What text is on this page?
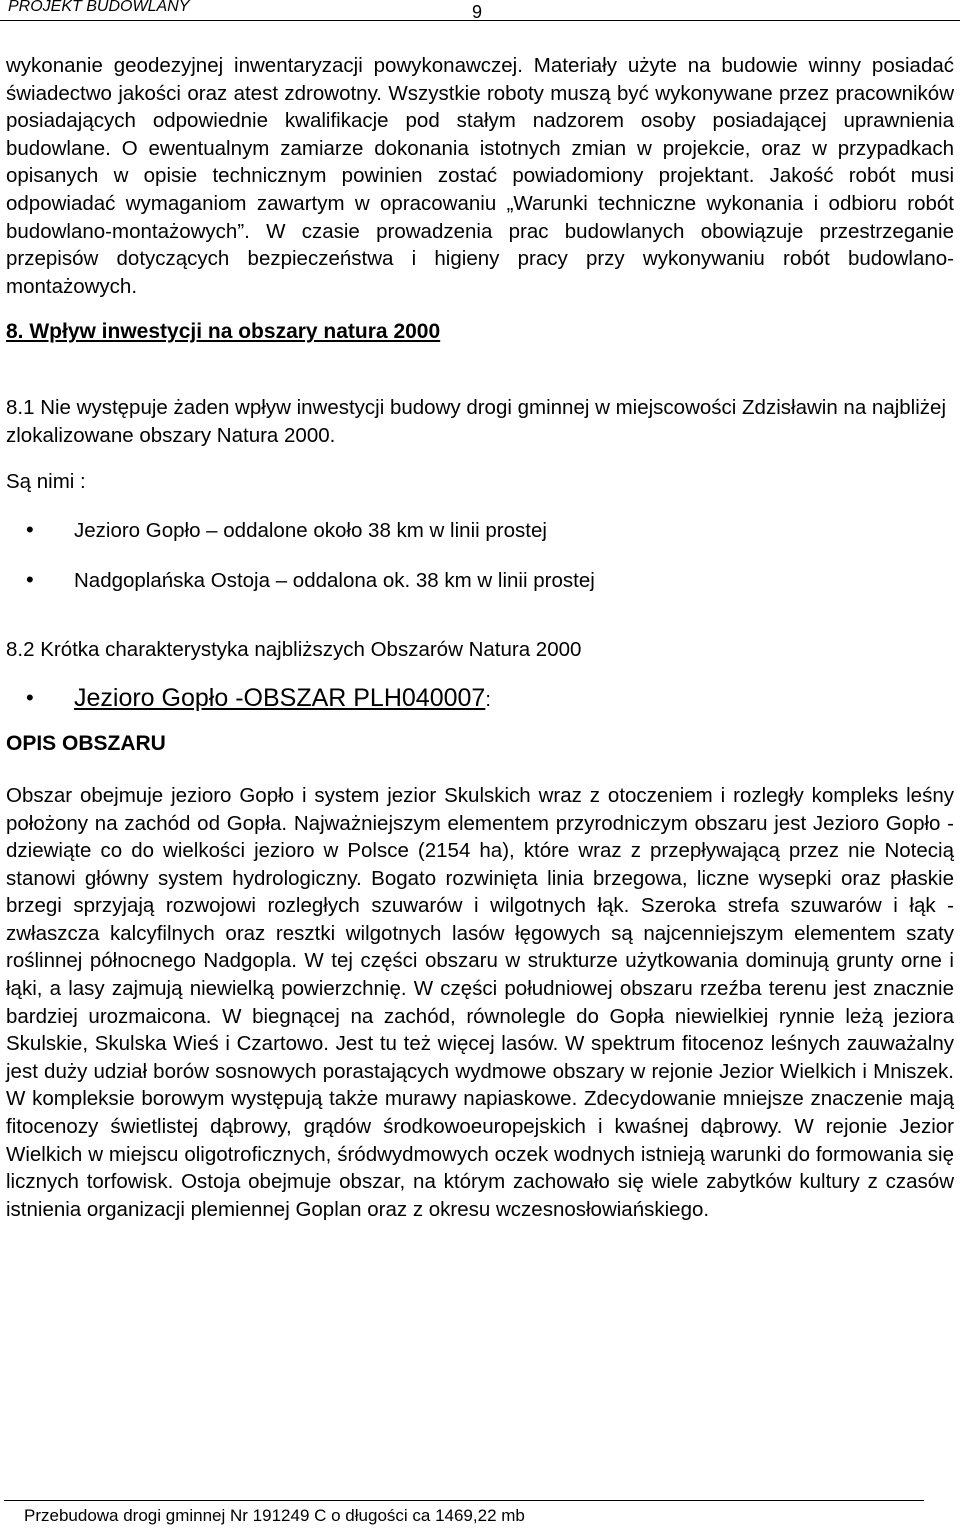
PROJEKT BUDOWLANY	9

wykonanie geodezyjnej inwentaryzacji powykonawczej. Materiały użyte na budowie winny posiadać świadectwo jakości oraz atest zdrowotny. Wszystkie roboty muszą być wykonywane przez pracowników posiadających odpowiednie kwalifikacje pod stałym nadzorem osoby posiadającej uprawnienia budowlane. O ewentualnym zamiarze dokonania istotnych zmian w projekcie, oraz w przypadkach opisanych w opisie technicznym powinien zostać powiadomiony projektant. Jakość robót musi odpowiadać wymaganiom zawartym w opracowaniu „Warunki techniczne wykonania i odbioru robót budowlano-montażowych”. W czasie prowadzenia prac budowlanych obowiązuje przestrzeganie przepisów dotyczących bezpieczeństwa i higieny pracy przy wykonywaniu robót budowlano-montażowych.

8. Wpływ inwestycji na obszary natura 2000

8.1 Nie występuje żaden wpływ inwestycji budowy drogi gminnej w miejscowości Zdzisławin na najbliżej zlokalizowane obszary Natura 2000.

Są nimi :

• Jezioro Gopło – oddalone około 38 km w linii prostej
• Nadgoplańska Ostoja – oddalona ok. 38 km w linii prostej

8.2 Krótka charakterystyka najbliższych Obszarów Natura 2000

• Jezioro Gopło -OBSZAR PLH040007:

OPIS OBSZARU

Obszar obejmuje jezioro Gopło i system jezior Skulskich wraz z otoczeniem i rozległy kompleks leśny położony na zachód od Gopła. Najważniejszym elementem przyrodniczym obszaru jest Jezioro Gopło - dziewiąte co do wielkości jezioro w Polsce (2154 ha), które wraz z przepływającą przez nie Notecią stanowi główny system hydrologiczny. Bogato rozwinięta linia brzegowa, liczne wysepki oraz płaskie brzegi sprzyjają rozwojowi rozległych szuwarów i wilgotnych łąk. Szeroka strefa szuwarów i łąk - zwłaszcza kalcyfilnych oraz resztki wilgotnych lasów łęgowych są najcenniejszym elementem szaty roślinnej północnego Nadgopla. W tej części obszaru w strukturze użytkowania dominują grunty orne i łąki, a lasy zajmują niewielką powierzchnię. W części południowej obszaru rzeźba terenu jest znacznie bardziej urozmaicona. W biegnącej na zachód, równolegle do Gopła niewielkiej rynnie leżą jeziora Skulskie, Skulska Wieś i Czartowo. Jest tu też więcej lasów. W spektrum fitocenoz leśnych zauważalny jest duży udział borów sosnowych porastających wydmowe obszary w rejonie Jezior Wielkich i Mniszek. W kompleksie borowym występują także murawy napiaskowe. Zdecydowanie mniejsze znaczenie mają fitocenozy świetlistej dąbrowy, grądów środkowoeuropejskich i kwaśnej dąbrowy. W rejonie Jezior Wielkich w miejscu oligotroficznych, śródwydmowych oczek wodnych istnieją warunki do formowania się licznych torfowisk. Ostoja obejmuje obszar, na którym zachowało się wiele zabytków kultury z czasów istnienia organizacji plemiennej Goplan oraz z okresu wczesnosłowiańskiego.

Przebudowa drogi gminnej Nr 191249 C o długości ca 1469,22 mb
